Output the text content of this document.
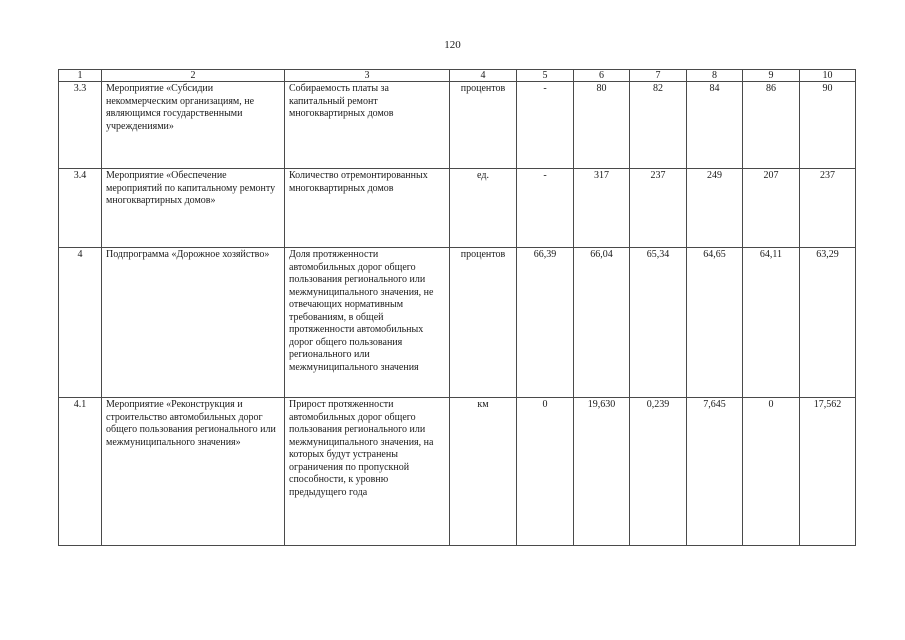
120
1	2	3	4	5	6	7	8	9	10
3.3	Мероприятие «Субсидии некоммерческим организациям, не являющимся государственными учреждениями»	Собираемость платы за капитальный ремонт многоквартирных домов	процентов	-	80	82	84	86	90
3.4	Мероприятие «Обеспечение мероприятий по капитальному ремонту многоквартирных домов»	Количество отремонтированных многоквартирных домов	ед.	-	317	237	249	207	237
4	Подпрограмма «Дорожное хозяйство»	Доля протяженности автомобильных дорог общего пользования регионального или межмуниципального значения, не отвечающих нормативным требованиям, в общей протяженности автомобильных дорог общего пользования регионального или межмуниципального значения	процентов	66,39	66,04	65,34	64,65	64,11	63,29
4.1	Мероприятие «Реконструкция и строительство автомобильных дорог общего пользования регионального или межмуниципального значения»	Прирост протяженности автомобильных дорог общего пользования регионального или межмуниципального значения, на которых будут устранены ограничения по пропускной способности, к уровню предыдущего года	км	0	19,630	0,239	7,645	0	17,562
